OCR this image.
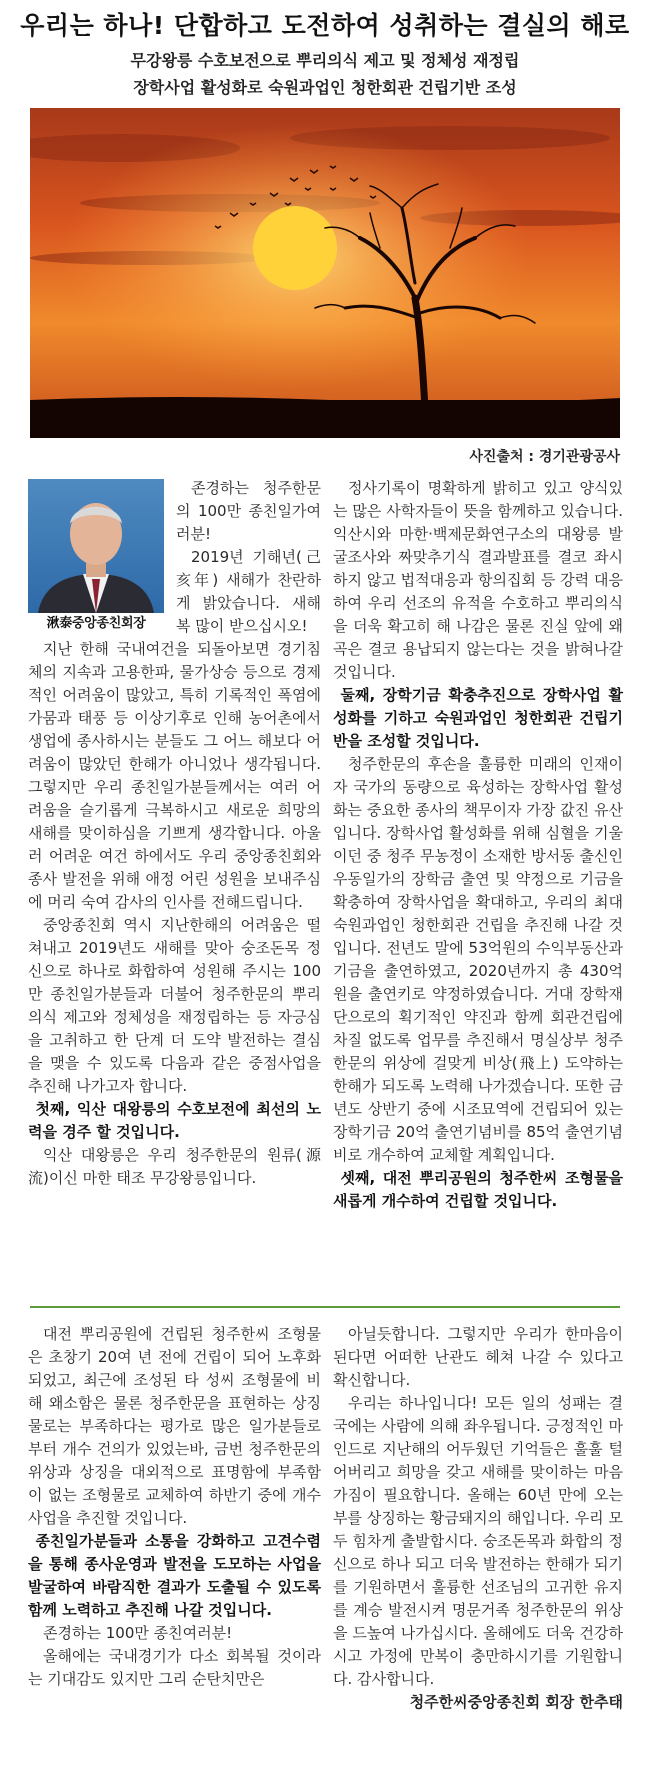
우리는 하나! 단합하고 도전하여 성취하는 결실의 해로
무강왕릉 수호보전으로 뿌리의식 제고 및 정체성 재정립
장학사업 활성화로 숙원과업인 청한회관 건립기반 조성
사진출처 : 경기관광공사
湫泰중앙종친회장

존경하는 청주한문의 100만 종친일가여러분!

2019년 기해년(己亥年) 새해가 찬란하게 밝았습니다. 새해 복 많이 받으십시오!

지난 한해 국내여건을 되돌아보면 경기침체의 지속과 고용한파, 물가상승 등으로 경제적인 어려움이 많았고, 특히 기록적인 폭염에 가뭄과 태풍 등 이상기후로 인해 농어촌에서 생업에 종사하시는 분들도 그 어느 해보다 어려움이 많았던 한해가 아니었나 생각됩니다. 그렇지만 우리 종친일가분들께서는 여러 어려움을 슬기롭게 극복하시고 새로운 희망의 새해를 맞이하심을 기쁘게 생각합니다. 아울러 어려운 여건 하에서도 우리 중앙종친회와 종사 발전을 위해 애정 어린 성원을 보내주심에 머리 숙여 감사의 인사를 전해드립니다.

중앙종친회 역시 지난한해의 어려움은 떨쳐내고 2019년도 새해를 맞아 숭조돈목 정신으로 하나로 화합하여 성원해 주시는 100만 종친일가분들과 더불어 청주한문의 뿌리의식 제고와 정체성을 재정립하는 등 자긍심을 고취하고 한 단계 더 도약 발전하는 결심을 맺을 수 있도록 다음과 같은 중점사업을 추진해 나가고자 합니다.

첫째, 익산 대왕릉의 수호보전에 최선의 노력을 경주 할 것입니다.

익산 대왕릉은 우리 청주한문의 원류(源流)이신 마한 태조 무강왕릉입니다.

정사기록이 명확하게 밝히고 있고 양식있는 많은 사학자들이 뜻을 함께하고 있습니다. 익산시와 마한·백제문화연구소의 대왕릉 발굴조사와 짜맞추기식 결과발표를 결코 좌시하지 않고 법적대응과 항의집회 등 강력 대응하여 우리 선조의 유적을 수호하고 뿌리의식을 더욱 확고히 해 나감은 물론 진실 앞에 왜곡은 결코 용납되지 않는다는 것을 밝혀나갈 것입니다.

둘째, 장학기금 확충추진으로 장학사업 활성화를 기하고 숙원과업인 청한회관 건립기반을 조성할 것입니다.

청주한문의 후손을 훌륭한 미래의 인재이자 국가의 동량으로 육성하는 장학사업 활성화는 중요한 종사의 책무이자 가장 값진 유산입니다. 장학사업 활성화를 위해 심혈을 기울이던 중 청주 무농정이 소재한 방서동 출신인 우동일가의 장학금 출연 및 약정으로 기금을 확충하여 장학사업을 확대하고, 우리의 최대 숙원과업인 청한회관 건립을 추진해 나갈 것입니다. 전년도 말에 53억원의 수익부동산과 기금을 출연하였고, 2020년까지 총 430억원을 출연키로 약정하였습니다. 거대 장학재단으로의 획기적인 약진과 함께 회관건립에 차질 없도록 업무를 추진해서 명실상부 청주한문의 위상에 걸맞게 비상(飛上) 도약하는 한해가 되도록 노력해 나가겠습니다. 또한 금년도 상반기 중에 시조묘역에 건립되어 있는 장학기금 20억 출연기념비를 85억 출연기념비로 개수하여 교체할 계획입니다.

셋째, 대전 뿌리공원의 청주한씨 조형물을 새롭게 개수하여 건립할 것입니다.

대전 뿌리공원에 건립된 청주한씨 조형물은 초창기 20여 년 전에 건립이 되어 노후화 되었고, 최근에 조성된 타 성씨 조형물에 비해 왜소함은 물론 청주한문을 표현하는 상징물로는 부족하다는 평가로 많은 일가분들로부터 개수 건의가 있었는바, 금번 청주한문의 위상과 상징을 대외적으로 표명함에 부족함이 없는 조형물로 교체하여 하반기 중에 개수사업을 추진할 것입니다.

종친일가분들과 소통을 강화하고 고견수렴을 통해 종사운영과 발전을 도모하는 사업을 발굴하여 바람직한 결과가 도출될 수 있도록 함께 노력하고 추진해 나갈 것입니다.

존경하는 100만 종친여러분!

올해에는 국내경기가 다소 회복될 것이라는 기대감도 있지만 그리 순탄치만은

아닐듯합니다. 그렇지만 우리가 한마음이 된다면 어떠한 난관도 헤쳐 나갈 수 있다고 확신합니다.

우리는 하나입니다! 모든 일의 성패는 결국에는 사람에 의해 좌우됩니다. 긍정적인 마인드로 지난해의 어두웠던 기억들은 훌훌 털어버리고 희망을 갖고 새해를 맞이하는 마음가짐이 필요합니다. 올해는 60년 만에 오는 부를 상징하는 황금돼지의 해입니다. 우리 모두 힘차게 출발합시다. 숭조돈목과 화합의 정신으로 하나 되고 더욱 발전하는 한해가 되기를 기원하면서 훌륭한 선조님의 고귀한 유지를 계승 발전시켜 명문거족 청주한문의 위상을 드높여 나가십시다. 올해에도 더욱 건강하시고 가정에 만복이 충만하시기를 기원합니다. 감사합니다.

청주한씨중앙종친회 회장 한추태
